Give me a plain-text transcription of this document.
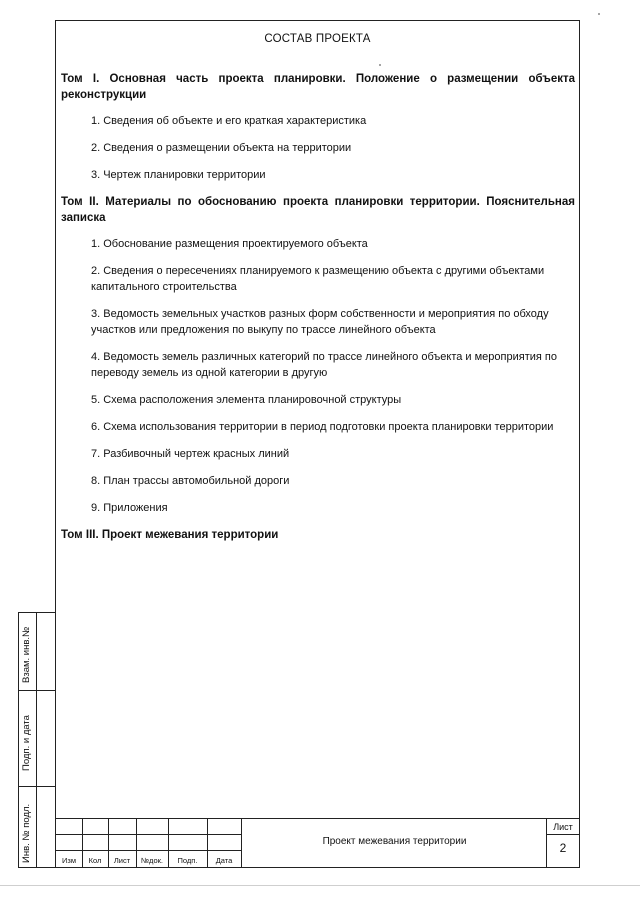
Взам. инв.№
Подп. и дата
Инв. № подл.
СОСТАВ ПРОЕКТА
Том I. Основная часть проекта планировки. Положение о размещении объекта реконструкции
1. Сведения об объекте и его краткая характеристика
2. Сведения о размещении объекта на территории
3. Чертеж планировки территории
Том II. Материалы по обоснованию проекта планировки территории. Пояснительная записка
1. Обоснование размещения проектируемого объекта
2. Сведения о пересечениях планируемого к размещению объекта с другими объектами капитального строительства
3. Ведомость земельных участков разных форм собственности и мероприятия по обходу участков или предложения по выкупу по трассе линейного объекта
4. Ведомость земель различных категорий по трассе линейного объекта и мероприятия по переводу земель из одной категории в другую
5. Схема расположения элемента планировочной структуры
6. Схема использования территории в период подготовки проекта планировки территории
7. Разбивочный чертеж красных линий
8. План трассы автомобильной дороги
9. Приложения
Том III. Проект межевания территории
Изм	Кол	Лист	№док.	Подп.	Дата
Проект межевания территории
Лист
2
